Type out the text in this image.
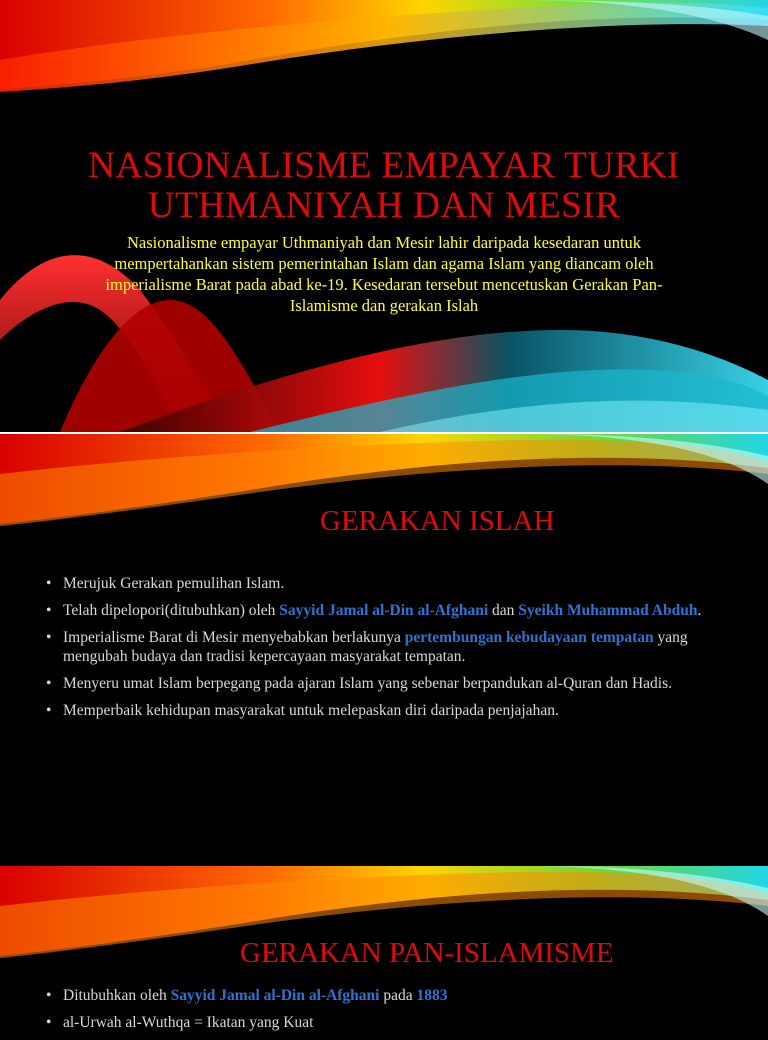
NASIONALISME EMPAYAR TURKI
UTHMANIYAH DAN MESIR

Nasionalisme empayar Uthmaniyah dan Mesir lahir daripada kesedaran untuk mempertahankan sistem pemerintahan Islam dan agama Islam yang diancam oleh imperialisme Barat pada abad ke-19. Kesedaran tersebut mencetuskan Gerakan Pan-Islamisme dan gerakan Islah

GERAKAN ISLAH
• Merujuk Gerakan pemulihan Islam.
• Telah dipelopori(ditubuhkan) oleh Sayyid Jamal al-Din al-Afghani dan Syeikh Muhammad Abduh.
• Imperialisme Barat di Mesir menyebabkan berlakunya pertembungan kebudayaan tempatan yang mengubah budaya dan tradisi kepercayaan masyarakat tempatan.
• Menyeru umat Islam berpegang pada ajaran Islam yang sebenar berpandukan al-Quran dan Hadis.
• Memperbaik kehidupan masyarakat untuk melepaskan diri daripada penjajahan.
GERAKAN PAN-ISLAMISME
• Ditubuhkan oleh Sayyid Jamal al-Din al-Afghani pada 1883
• al-Urwah al-Wuthqa = Ikatan yang Kuat
